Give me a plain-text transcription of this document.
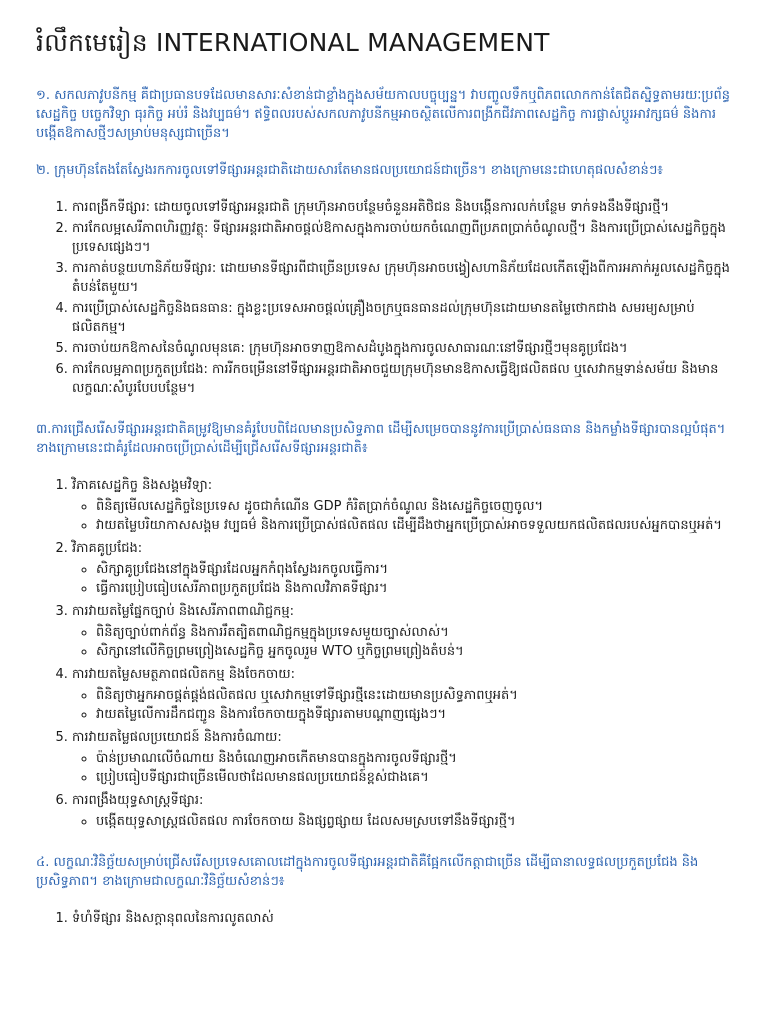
រំលឹកមេរៀន INTERNATIONAL MANAGEMENT

១. សកលភាវូបនីកម្ម គឺជាប្រធានបទដែលមានសារៈសំខាន់ជាខ្លាំងក្នុងសម័យកាលបច្ចុប្បន្ន។ វាបញ្ចូលទឹកឬពិភពលោកកាន់តែជិតស្និទ្ធតាមរយៈប្រព័ន្ធសេដ្ឋកិច្ច បច្ចេកវិទ្យា ធុរកិច្ច អប់រំ និងវប្បធម៌។ ឥទ្ធិពលរបស់សកលភាវូបនីកម្មអាចស្ថិតលើការពង្រីកជីវភាពសេដ្ឋកិច្ច ការផ្លាស់ប្តូរអាវក្សធម៌ និងការបង្កើតឱកាសថ្មីៗសម្រាប់មនុស្សជាច្រើន។

២. ក្រុមហ៊ុនតែងតែស្វែងរកការចូលទៅទីផ្សារអន្តរជាតិដោយសារតែមានផលប្រយោជន៍ជាច្រើន។ ខាងក្រោមនេះជាហេតុផលសំខាន់ៗ៖

1. ការពង្រីកទីផ្សារ: ដោយចូលទៅទីផ្សារអន្តរជាតិ ក្រុមហ៊ុនអាចបន្ថែមចំនួនអតិថិជន និងបង្កើនការលក់បន្ថែម ទាក់ទងនឹងទីផ្សារថ្មី។
2. ការកែលម្អសេរីភាពហិរញ្ញវត្ថុ: ទីផ្សារអន្តរជាតិអាចផ្តល់ឱកាសក្នុងការចាប់យកចំណេញពីប្រភពប្រាក់ចំណូលថ្មី។ និងការប្រើប្រាស់សេដ្ឋកិច្ចក្នុងប្រទេសផ្សេងៗ។
3. ការកាត់បន្ថយហានិភ័យទីផ្សារ: ដោយមានទីផ្សារពីជាច្រើនប្រទេស ក្រុមហ៊ុនអាចបង្វៀសហានិភ័យដែលកើតឡើងពីការអភាក់អួលសេដ្ឋកិច្ចក្នុងតំបន់តែមួយ។
4. ការប្រើប្រាស់សេដ្ឋកិច្ចនិងធនធាន: ក្នុងខ្លះប្រទេសអាចផ្តល់គ្រឿងចក្រឬធនធានដល់ក្រុមហ៊ុនដោយមានតម្លៃថោកជាង សមរម្យសម្រាប់ផលិតកម្ម។
5. ការចាប់យកឱកាសនៃចំណូលមុនគេ: ក្រុមហ៊ុនអាចទាញឱកាសដំបូងក្នុងការចូលសាធារណៈនៅទីផ្សារថ្មីៗមុនគូប្រជែង។
6. ការកែលម្អភាពប្រកួតប្រជែង: ការរីកចម្រើននៅទីផ្សារអន្តរជាតិអាចជួយក្រុមហ៊ុនមានឱកាសធ្វើឱ្យផលិតផល ឬសេវាកម្មទាន់សម័យ និងមានលក្ខណៈសំបូរបែបបន្ថែម។

៣.ការជ្រើសរើសទីផ្សារអន្តរជាតិគម្រូវឱ្យមានគំរូបែបពិដែលមានប្រសិទ្ធភាព ដើម្បីសម្រេចបាននូវការប្រើប្រាស់ធនធាន និងកម្លាំងទីផ្សារបានល្អបំផុត។ ខាងក្រោមនេះជាគំរូដែលអាចប្រើប្រាស់ដើម្បីជ្រើសរើសទីផ្សារអន្តរជាតិ៖

1. វិភាគសេដ្ឋកិច្ច និងសង្គមវិទ្យា:
◦ ពិនិត្យមើលសេដ្ឋកិច្ចនៃប្រទេស ដូចជាកំណើន GDP កំរិតប្រាក់ចំណូល និងសេដ្ឋកិច្ចចេញចូល។
◦ វាយតម្លៃបរិយាកាសសង្គម វប្បធម៌ និងការប្រើប្រាស់ផលិតផល ដើម្បីដឹងថាអ្នកប្រើប្រាស់អាចទទួលយកផលិតផលរបស់អ្នកបានឬអត់។
2. វិភាគគូប្រជែង:
◦ សិក្សាគូប្រជែងនៅក្នុងទីផ្សារដែលអ្នកកំពុងស្វែងរកចូលធ្វើការ។
◦ ធ្វើការប្រៀបធៀបសេរីភាពប្រកួតប្រជែង និងកាលវិភាគទីផ្សារ។
3. ការវាយតម្លៃផ្នែកច្បាប់ និងសេរីភាពពាណិជ្ជកម្ម:
◦ ពិនិត្យច្បាប់ពាក់ព័ន្ធ និងការរឹតត្បិតពាណិជ្ជកម្មក្នុងប្រទេសមួយច្បាស់លាស់។
◦ សិក្សានៅលើកិច្ចព្រមព្រៀងសេដ្ឋកិច្ច អ្នកចូលរួម WTO ឬកិច្ចព្រមព្រៀងតំបន់។
4. ការវាយតម្លៃសមត្ថភាពផលិតកម្ម និងចែកចាយ:
◦ ពិនិត្យថាអ្នកអាចផ្គត់ផ្គង់ផលិតផល ឬសេវាកម្មទៅទីផ្សារថ្មីនេះដោយមានប្រសិទ្ធភាពឬអត់។
◦ វាយតម្លៃលើការដឹកជញ្ជូន និងការចែកចាយក្នុងទីផ្សារតាមបណ្តាញផ្សេងៗ។
5. ការវាយតម្លៃផលប្រយោជន៍ និងការចំណាយ:
◦ ប៉ាន់ប្រមាណលើចំណាយ និងចំណេញអាចកើតមានបានក្នុងការចូលទីផ្សារថ្មី។
◦ ប្រៀបធៀបទីផ្សារជាច្រើនមើលថាដែលមានផលប្រយោជន៍ខ្ពស់ជាងគេ។
6. ការពង្រឹងយុទ្ធសាស្ត្រទីផ្សារ:
◦ បង្កើតយុទ្ធសាស្ត្រផលិតផល ការចែកចាយ និងផ្សព្វផ្សាយ ដែលសមស្របទៅនឹងទីផ្សារថ្មី។

៤. លក្ខណៈវិនិច្ឆ័យសម្រាប់ជ្រើសរើសប្រទេសគោលដៅក្នុងការចូលទីផ្សារអន្តរជាតិគឺផ្អែកលើកត្តាជាច្រើន ដើម្បីធានាលទ្ធផលប្រកួតប្រជែង និងប្រសិទ្ធភាព។ ខាងក្រោមជាលក្ខណៈវិនិច្ឆ័យសំខាន់ៗ៖

1. ទំហំទីផ្សារ និងសក្តានុពលនៃការលូតលាស់
